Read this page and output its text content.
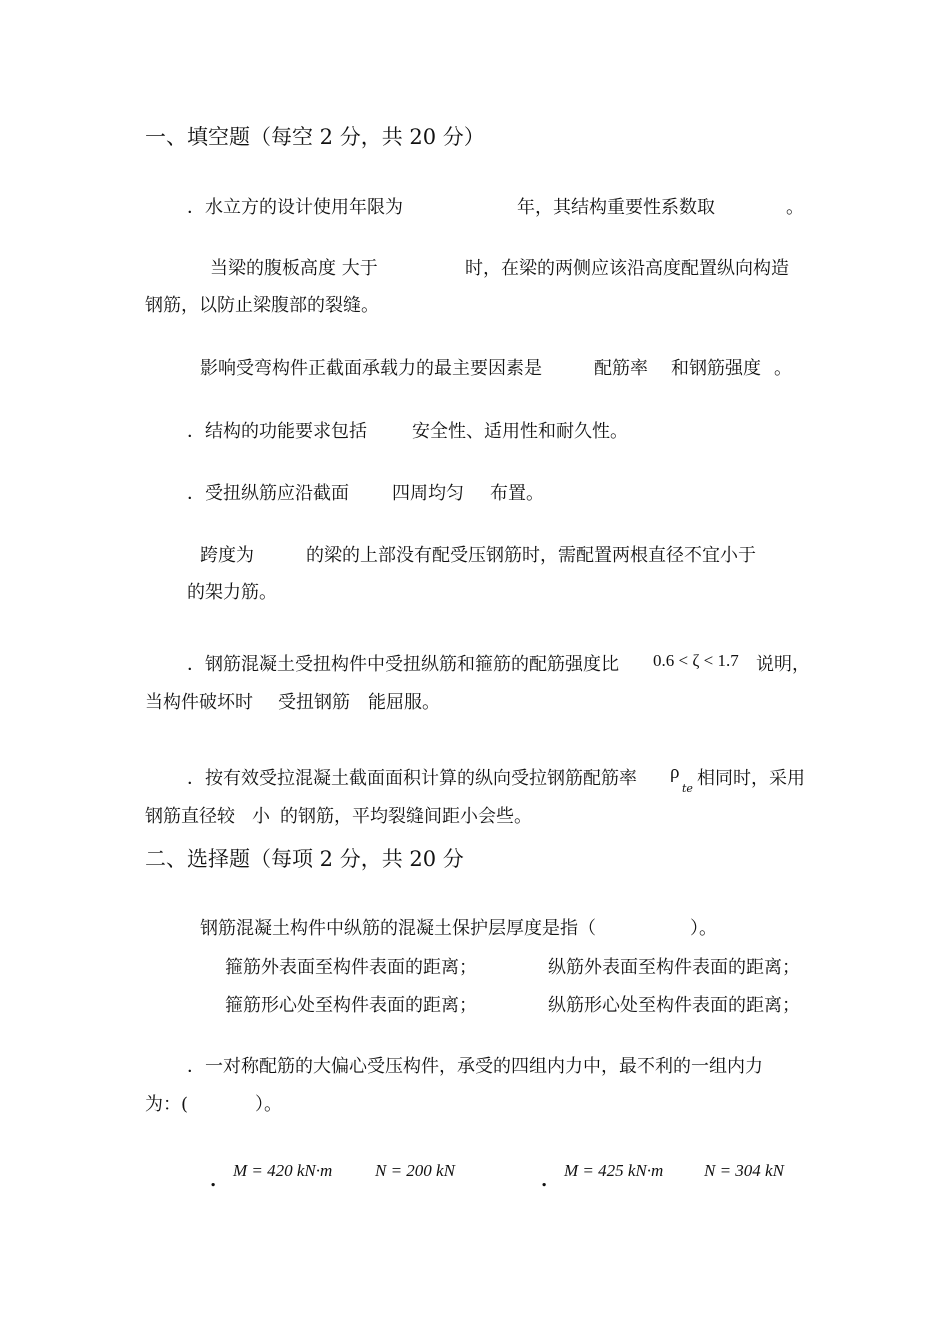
一、填空题（每空 2 分，共 20 分）
．水立方的设计使用年限为	年，其结构重要性系数取	。
当梁的腹板高度 大于	时，在梁的两侧应该沿高度配置纵向构造
钢筋，以防止梁腹部的裂缝。
影响受弯构件正截面承载力的最主要因素是	配筋率 和钢筋强度 。
．结构的功能要求包括	安全性、适用性和耐久性。
．受扭纵筋应沿截面 四周均匀 布置。
跨度为	的梁的上部没有配受压钢筋时，需配置两根直径不宜小于
的架力筋。
．钢筋混凝土受扭构件中受扭纵筋和箍筋的配筋强度比 0.6 < ζ < 1.7 说明，
当构件破坏时 受扭钢筋 能屈服。
．按有效受拉混凝土截面面积计算的纵向受拉钢筋配筋率 ρ
te 相同时，采用
钢筋直径较 小 的钢筋，平均裂缝间距小会些。
二、选择题（每项 2 分，共 20 分
钢筋混凝土构件中纵筋的混凝土保护层厚度是指（	）。
箍筋外表面至构件表面的距离；	纵筋外表面至构件表面的距离；
箍筋形心处至构件表面的距离；	纵筋形心处至构件表面的距离；
．一对称配筋的大偏心受压构件，承受的四组内力中，最不利的一组内力
为：(	）。
. M = 420 kN·m	N = 200 kN	. M = 425 kN·m N = 304 kN
